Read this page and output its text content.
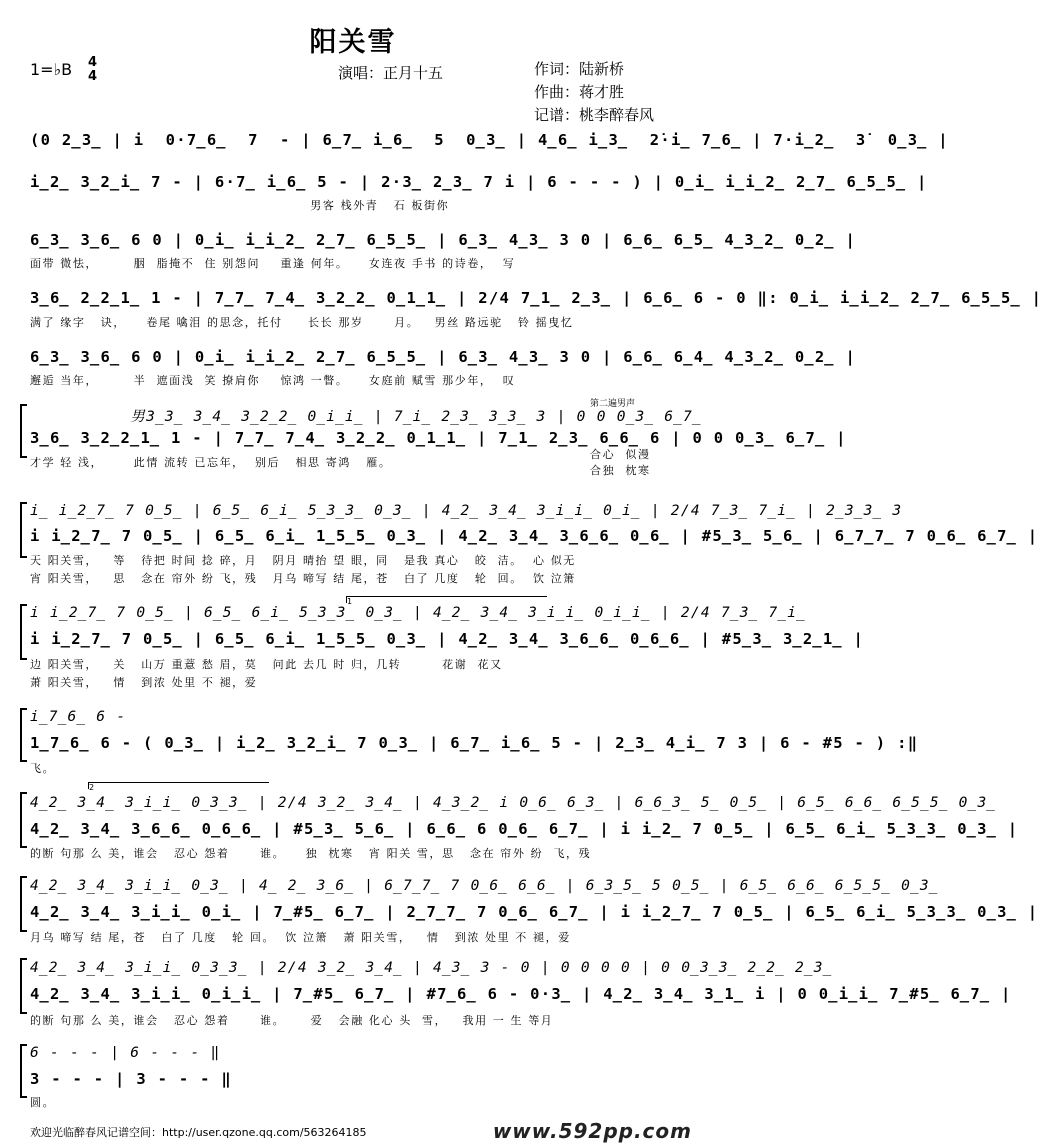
阳关雪
1=♭B 4
4	演唱：正月十五	作词：陆新桥
作曲：蒋才胜
记谱：桃李醉春风
(0 2̲3̲ | i  0·7̲6̲  7  - | 6̲7̲ i̲6̲  5  0̲3̲ | 4̲6̲ i̲3̲  2̇·i̲ 7̲6̲ | 7·i̲2̲  3̇  0̲3̲ |
i̲2̲ 3̲2̲i̲ 7 - | 6·7̲ i̲6̲ 5 - | 2·3̲ 2̲3̲ 7 i | 6 - - - ) | 0̲i̲ i̲i̲2̲ 2̲7̲ 6̲5̲5̲ |
男客 栈外青   石 板街你
6̲3̲ 3̲6̲ 6 0 | 0̲i̲ i̲i̲2̲ 2̲7̲ 6̲5̲5̲ | 6̲3̲ 4̲3̲ 3 0 | 6̲6̲ 6̲5̲ 4̲3̲2̲ 0̲2̲ |
面带 微怯，       胭  脂掩不  住 别怨问    重逢 何年。    女连夜 手书 的诗卷，  写
3̲6̲ 2̲2̲1̲ 1 - | 7̲7̲ 7̲4̲ 3̲2̲2̲ 0̲1̲1̲ | 2/4 7̲1̲ 2̲3̲ | 6̲6̲ 6 - 0 ‖: 0̲i̲ i̲i̲2̲ 2̲7̲ 6̲5̲5̲ |
满了 缘字   诀，    卷尾 噙泪 的思念，托付     长长 那岁      月。   男丝 路远驼   铃 摇曳忆
6̲3̲ 3̲6̲ 6 0 | 0̲i̲ i̲i̲2̲ 2̲7̲ 6̲5̲5̲ | 6̲3̲ 4̲3̲ 3 0 | 6̲6̲ 6̲4̲ 4̲3̲2̲ 0̲2̲ |
邂逅 当年，       半  遮面浅  笑 撩肩你    惊鸿 一瞥。    女庭前 赋雪 那少年，  叹
第二遍男声
男3̲3̲ 3̲4̲ 3̲2̲2̲ 0̲i̲i̲ | 7̲i̲ 2̲3̲ 3̲3̲ 3 | 0 0 0̲3̲ 6̲7̲
3̲6̲ 3̲2̲2̲1̲ 1 - | 7̲7̲ 7̲4̲ 3̲2̲2̲ 0̲1̲1̲ | 7̲1̲ 2̲3̲ 6̲6̲ 6 | 0 0 0̲3̲ 6̲7̲ |
才学 轻 浅，      此情 流转 已忘年，  别后   相思 寄鸿   雁。
合心  似漫
合独  枕寒
i̲ i̲2̲7̲ 7 0̲5̲ | 6̲5̲ 6̲i̲ 5̲3̲3̲ 0̲3̲ | 4̲2̲ 3̲4̲ 3̲i̲i̲ 0̲i̲ | 2/4 7̲3̲ 7̲i̲ | 2̲3̲3̲ 3
i i̲2̲7̲ 7 0̲5̲ | 6̲5̲ 6̲i̲ 1̲5̲5̲ 0̲3̲ | 4̲2̲ 3̲4̲ 3̲6̲6̲ 0̲6̲ | #5̲3̲ 5̲6̲ | 6̲7̲7̲ 7 0̲6̲ 6̲7̲ |
天 阳关雪，   等   待把 时间 捻 碎，月   阴月 晴抬 望 眼，同   是我 真心   皎  洁。  心 似无
宵 阳关雪，   思   念在 帘外 纷 飞，残   月乌 啼写 结 尾，苍   白了 几度   轮  回。  饮 泣箫
1
i i̲2̲7̲ 7 0̲5̲ | 6̲5̲ 6̲i̲ 5̲3̲3̲ 0̲3̲ | 4̲2̲ 3̲4̲ 3̲i̲i̲ 0̲i̲i̲ | 2/4 7̲3̲ 7̲i̲
i i̲2̲7̲ 7 0̲5̲ | 6̲5̲ 6̲i̲ 1̲5̲5̲ 0̲3̲ | 4̲2̲ 3̲4̲ 3̲6̲6̲ 0̲6̲6̲ | #5̲3̲ 3̲2̲1̲ |
边 阳关雪，   关   山万 重薏 愁 眉，莫   问此 去几 时 归，几转        花谢  花又
萧 阳关雪，   情   到浓 处里 不 褪，爱
i̲7̲6̲ 6 -
1̲7̲6̲ 6 - ( 0̲3̲ | i̲2̲ 3̲2̲i̲ 7 0̲3̲ | 6̲7̲ i̲6̲ 5 - | 2̲3̲ 4̲i̲ 7 3 | 6 - #5 - ) :‖
飞。
2
4̲2̲ 3̲4̲ 3̲i̲i̲ 0̲3̲3̲ | 2/4 3̲2̲ 3̲4̲ | 4̲3̲2̲ i 0̲6̲ 6̲3̲ | 6̲6̲3̲ 5̲ 0̲5̲ | 6̲5̲ 6̲6̲ 6̲5̲5̲ 0̲3̲
4̲2̲ 3̲4̲ 3̲6̲6̲ 0̲6̲6̲ | #5̲3̲ 5̲6̲ | 6̲6̲ 6 0̲6̲ 6̲7̲ | i i̲2̲ 7 0̲5̲ | 6̲5̲ 6̲i̲ 5̲3̲3̲ 0̲3̲ |
的断 句那 么 美，谁会   忍心 怨着      谁。    独  枕寒   宵 阳关 雪，思   念在 帘外 纷  飞，残
4̲2̲ 3̲4̲ 3̲i̲i̲ 0̲3̲ | 4̲ 2̲ 3̲6̲ | 6̲7̲7̲ 7 0̲6̲ 6̲6̲ | 6̲3̲5̲ 5 0̲5̲ | 6̲5̲ 6̲6̲ 6̲5̲5̲ 0̲3̲
4̲2̲ 3̲4̲ 3̲i̲i̲ 0̲i̲ | 7̲#5̲ 6̲7̲ | 2̲7̲7̲ 7 0̲6̲ 6̲7̲ | i i̲2̲7̲ 7 0̲5̲ | 6̲5̲ 6̲i̲ 5̲3̲3̲ 0̲3̲ |
月乌 啼写 结 尾，苍   白了 几度   轮 回。  饮 泣箫   萧 阳关雪，   情   到浓 处里 不 褪，爱
4̲2̲ 3̲4̲ 3̲i̲i̲ 0̲3̲3̲ | 2/4 3̲2̲ 3̲4̲ | 4̲3̲ 3 - 0 | 0 0 0 0 | 0 0̲3̲3̲ 2̲2̲ 2̲3̲
4̲2̲ 3̲4̲ 3̲i̲i̲ 0̲i̲i̲ | 7̲#5̲ 6̲7̲ | #7̲6̲ 6 - 0·3̲ | 4̲2̲ 3̲4̲ 3̲1̲ i | 0 0̲i̲i̲ 7̲#5̲ 6̲7̲ |
的断 句那 么 美，谁会   忍心 怨着      谁。     爱   会融 化心 头  雪，   我用 一 生 等月
6 - - - | 6 - - - ‖
3 - - - | 3 - - - ‖
圆。
欢迎光临醉春风记谱空间：http://user.qzone.qq.com/563264185	www.592pp.com
